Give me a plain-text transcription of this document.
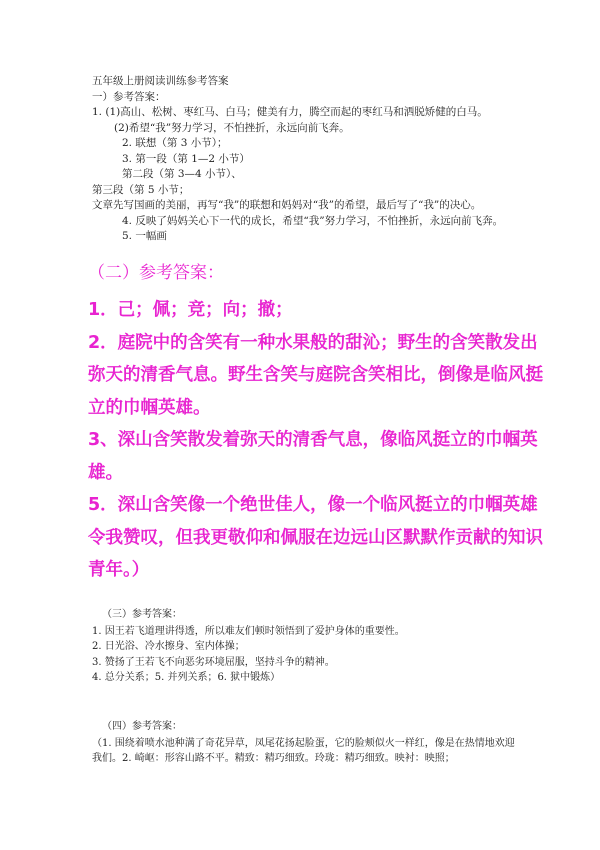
五年级上册阅读训练参考答案
一）参考答案：
1. (1)高山、松树、枣红马、白马；健美有力，腾空而起的枣红马和洒脱矫健的白马。
(2)希望“我”努力学习，不怕挫折，永远向前飞奔。
2. 联想（第 3 小节）；
3. 第一段（第 1—2 小节）
第二段（第 3—4 小节）、
第三段（第 5 小节；
文章先写国画的美丽，再写“我”的联想和妈妈对“我”的希望，最后写了“我”的决心。
4. 反映了妈妈关心下一代的成长，希望“我”努力学习，不怕挫折，永远向前飞奔。
5. 一幅画
（二）参考答案：
1．己；佩；竞；向；撤；
2．庭院中的含笑有一种水果般的甜沁；野生的含笑散发出弥天的清香气息。野生含笑与庭院含笑相比，倒像是临风挺立的巾帼英雄。
3、深山含笑散发着弥天的清香气息，像临风挺立的巾帼英雄。
5．深山含笑像一个绝世佳人，像一个临风挺立的巾帼英雄令我赞叹，但我更敬仰和佩服在边远山区默默作贡献的知识青年。）
（三）参考答案：
1. 因王若飞道理讲得透，所以难友们顿时领悟到了爱护身体的重要性。
2. 日光浴、冷水擦身、室内体操；
3. 赞扬了王若飞不向恶劣环境屈服，坚持斗争的精神。
4. 总分关系；5. 并列关系；6. 狱中锻炼）
（四）参考答案：
（1. 围绕着喷水池种满了奇花异草，凤尾花扬起脸蛋，它的脸颊似火一样红，像是在热情地欢迎我们。2. 崎岖：形容山路不平。精致：精巧细致。玲珑：精巧细致。映衬：映照；
